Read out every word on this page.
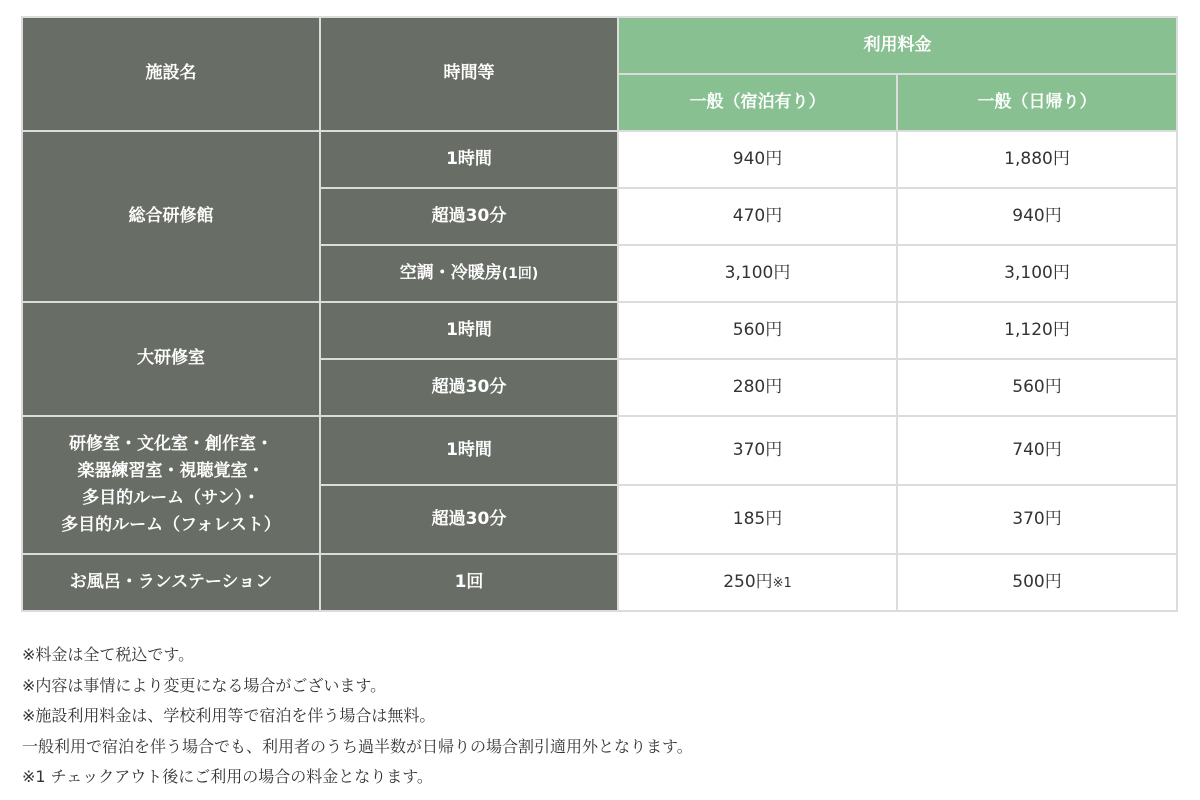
施設名	時間等	利用料金	
		一般（宿泊有り）	一般（日帰り）

総合研修館	1時間	940円	1,880円
	超過30分	470円	940円
	空調・冷暖房(1回)	3,100円	3,100円

大研修室	1時間	560円	1,120円
	超過30分	280円	560円

研修室・文化室・創作室・
楽器練習室・視聴覚室・
多目的ルーム（サン）・
多目的ルーム（フォレスト）	1時間	370円	740円
	超過30分	185円	370円

お風呂・ランステーション	1回	250円※1	500円

※料金は全て税込です。

※内容は事情により変更になる場合がございます。

※施設利用料金は、学校利用等で宿泊を伴う場合は無料。

一般利用で宿泊を伴う場合でも、利用者のうち過半数が日帰りの場合割引適用外となります。

※1 チェックアウト後にご利用の場合の料金となります。
